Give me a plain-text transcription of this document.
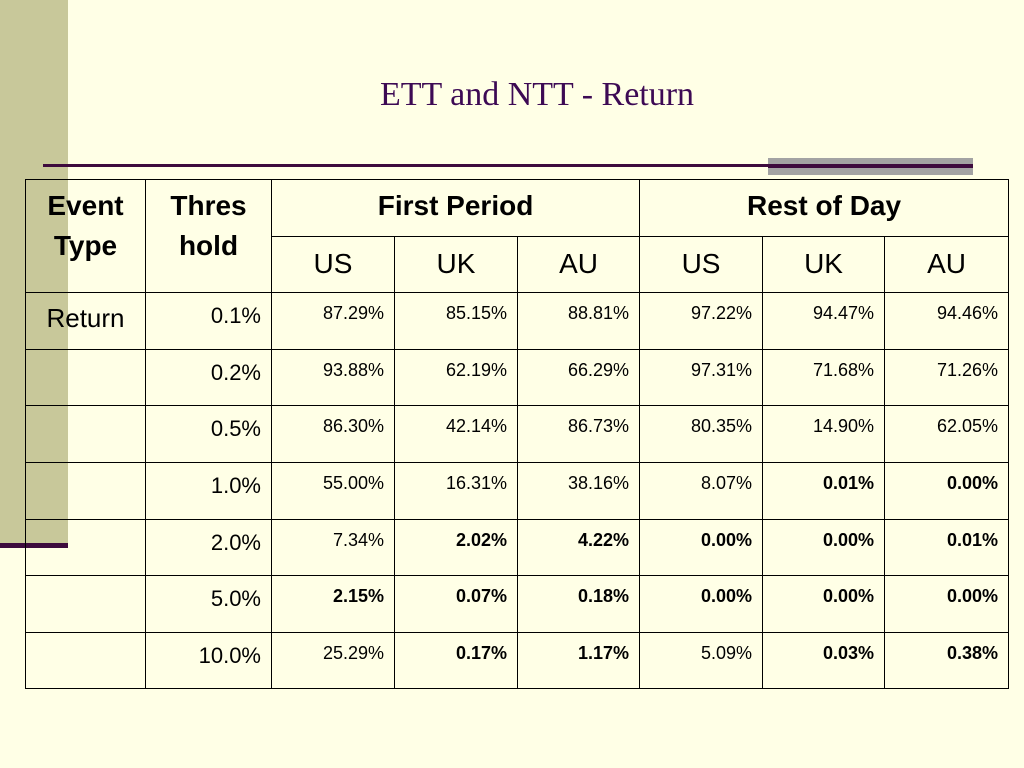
ETT and NTT - Return
Event Type	Thres hold	First Period			Rest of Day		
		US	UK	AU	US	UK	AU
Return	0.1%	87.29%	85.15%	88.81%	97.22%	94.47%	94.46%
	0.2%	93.88%	62.19%	66.29%	97.31%	71.68%	71.26%
	0.5%	86.30%	42.14%	86.73%	80.35%	14.90%	62.05%
	1.0%	55.00%	16.31%	38.16%	8.07%	0.01%	0.00%
	2.0%	7.34%	2.02%	4.22%	0.00%	0.00%	0.01%
	5.0%	2.15%	0.07%	0.18%	0.00%	0.00%	0.00%
	10.0%	25.29%	0.17%	1.17%	5.09%	0.03%	0.38%
